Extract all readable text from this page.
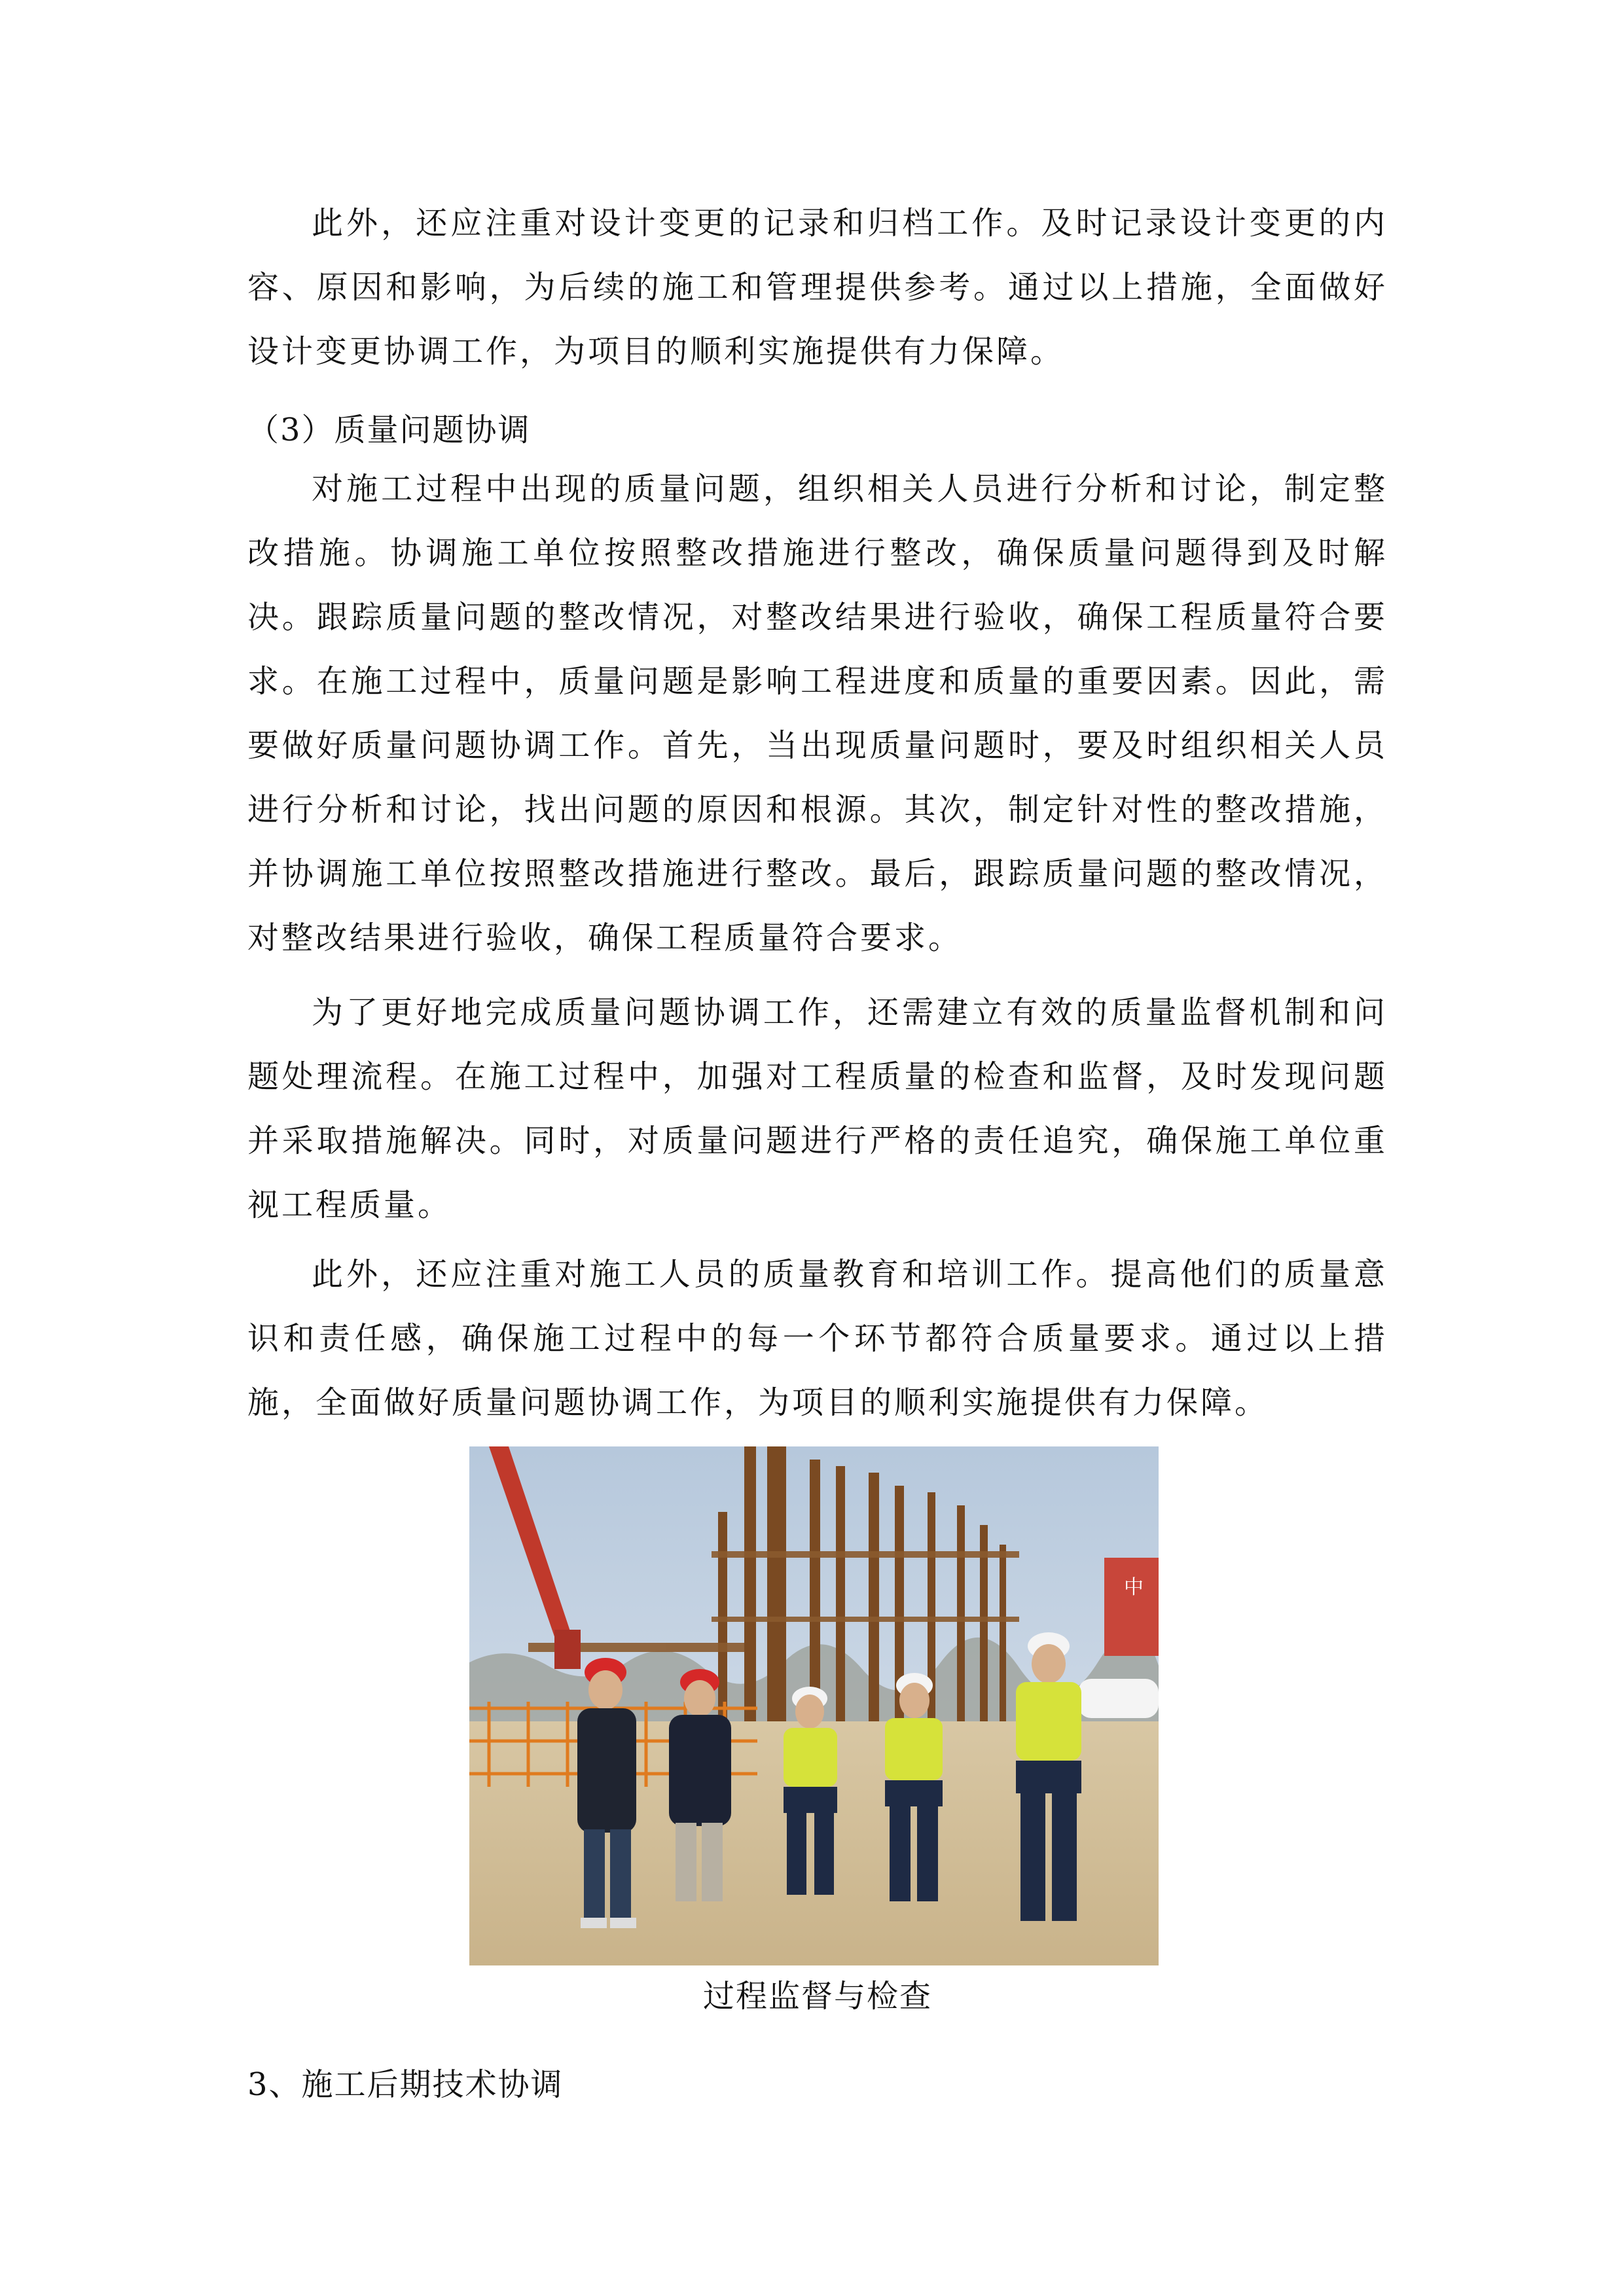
此外，还应注重对设计变更的记录和归档工作。及时记录设计变更的内容、原因和影响，为后续的施工和管理提供参考。通过以上措施，全面做好设计变更协调工作，为项目的顺利实施提供有力保障。

（3）质量问题协调

对施工过程中出现的质量问题，组织相关人员进行分析和讨论，制定整改措施。协调施工单位按照整改措施进行整改，确保质量问题得到及时解决。跟踪质量问题的整改情况，对整改结果进行验收，确保工程质量符合要求。在施工过程中，质量问题是影响工程进度和质量的重要因素。因此，需要做好质量问题协调工作。首先，当出现质量问题时，要及时组织相关人员进行分析和讨论，找出问题的原因和根源。其次，制定针对性的整改措施，并协调施工单位按照整改措施进行整改。最后，跟踪质量问题的整改情况，对整改结果进行验收，确保工程质量符合要求。

为了更好地完成质量问题协调工作，还需建立有效的质量监督机制和问题处理流程。在施工过程中，加强对工程质量的检查和监督，及时发现问题并采取措施解决。同时，对质量问题进行严格的责任追究，确保施工单位重视工程质量。

此外，还应注重对施工人员的质量教育和培训工作。提高他们的质量意识和责任感，确保施工过程中的每一个环节都符合质量要求。通过以上措施，全面做好质量问题协调工作，为项目的顺利实施提供有力保障。

中

过程监督与检查

3、施工后期技术协调
